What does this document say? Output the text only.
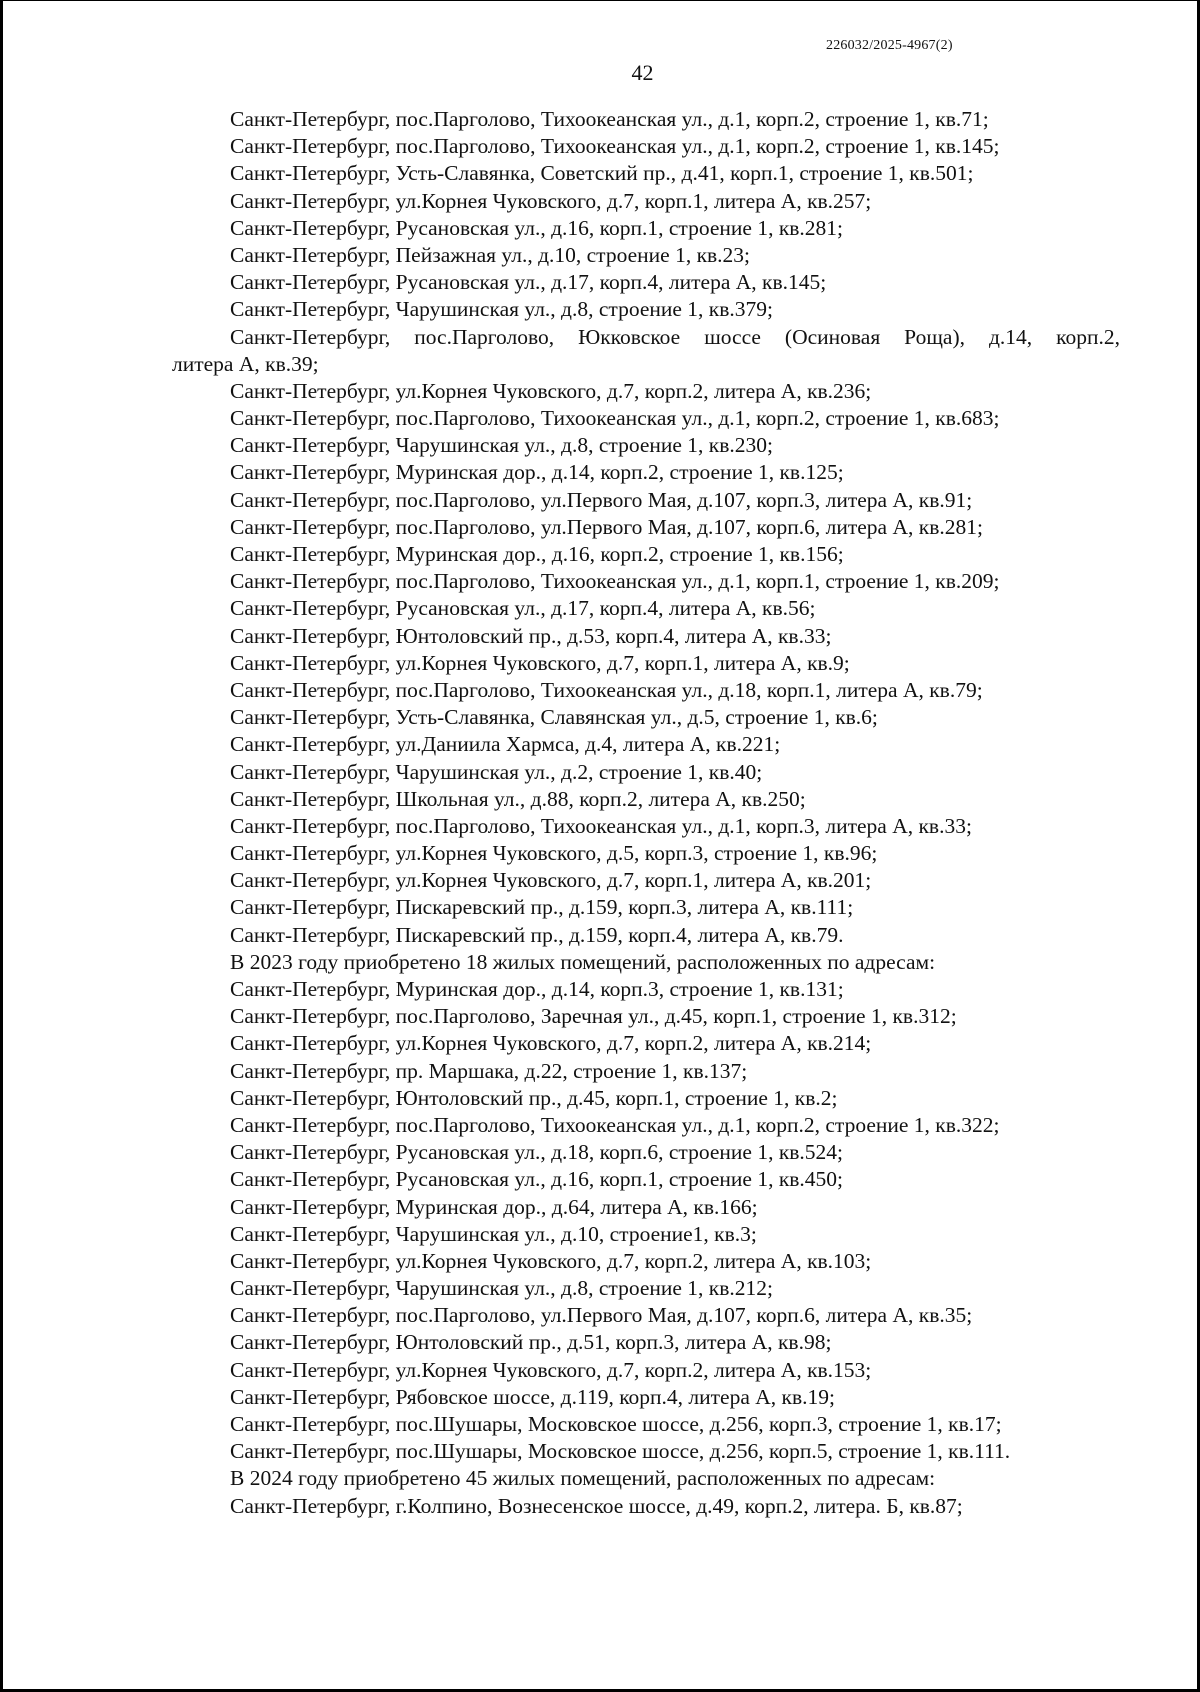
226032/2025-4967(2)
42
Санкт-Петербург, пос.Парголово, Тихоокеанская ул., д.1, корп.2, строение 1, кв.71;
Санкт-Петербург, пос.Парголово, Тихоокеанская ул., д.1, корп.2, строение 1, кв.145;
Санкт-Петербург, Усть-Славянка, Советский пр., д.41, корп.1, строение 1, кв.501;
Санкт-Петербург, ул.Корнея Чуковского, д.7, корп.1, литера А, кв.257;
Санкт-Петербург, Русановская ул., д.16, корп.1, строение 1, кв.281;
Санкт-Петербург, Пейзажная ул., д.10, строение 1, кв.23;
Санкт-Петербург, Русановская ул., д.17, корп.4, литера А, кв.145;
Санкт-Петербург, Чарушинская ул., д.8, строение 1, кв.379;
Санкт-Петербург, пос.Парголово, Юкковское шоссе (Осиновая Роща), д.14, корп.2,
литера А, кв.39;
Санкт-Петербург, ул.Корнея Чуковского, д.7, корп.2, литера А, кв.236;
Санкт-Петербург, пос.Парголово, Тихоокеанская ул., д.1, корп.2, строение 1, кв.683;
Санкт-Петербург, Чарушинская ул., д.8, строение 1, кв.230;
Санкт-Петербург, Муринская дор., д.14, корп.2, строение 1, кв.125;
Санкт-Петербург, пос.Парголово, ул.Первого Мая, д.107, корп.3, литера А, кв.91;
Санкт-Петербург, пос.Парголово, ул.Первого Мая, д.107, корп.6, литера А, кв.281;
Санкт-Петербург, Муринская дор., д.16, корп.2, строение 1, кв.156;
Санкт-Петербург, пос.Парголово, Тихоокеанская ул., д.1, корп.1, строение 1, кв.209;
Санкт-Петербург, Русановская ул., д.17, корп.4, литера А, кв.56;
Санкт-Петербург, Юнтоловский пр., д.53, корп.4, литера А, кв.33;
Санкт-Петербург, ул.Корнея Чуковского, д.7, корп.1, литера А, кв.9;
Санкт-Петербург, пос.Парголово, Тихоокеанская ул., д.18, корп.1, литера А, кв.79;
Санкт-Петербург, Усть-Славянка, Славянская ул., д.5, строение 1, кв.6;
Санкт-Петербург, ул.Даниила Хармса, д.4, литера А, кв.221;
Санкт-Петербург, Чарушинская ул., д.2, строение 1, кв.40;
Санкт-Петербург, Школьная ул., д.88, корп.2, литера А, кв.250;
Санкт-Петербург, пос.Парголово, Тихоокеанская ул., д.1, корп.3, литера А, кв.33;
Санкт-Петербург, ул.Корнея Чуковского, д.5, корп.3, строение 1, кв.96;
Санкт-Петербург, ул.Корнея Чуковского, д.7, корп.1, литера А, кв.201;
Санкт-Петербург, Пискаревский пр., д.159, корп.3, литера А, кв.111;
Санкт-Петербург, Пискаревский пр., д.159, корп.4, литера А, кв.79.
В 2023 году приобретено 18 жилых помещений, расположенных по адресам:
Санкт-Петербург, Муринская дор., д.14, корп.3, строение 1, кв.131;
Санкт-Петербург, пос.Парголово, Заречная ул., д.45, корп.1, строение 1, кв.312;
Санкт-Петербург, ул.Корнея Чуковского, д.7, корп.2, литера А, кв.214;
Санкт-Петербург, пр. Маршака, д.22, строение 1, кв.137;
Санкт-Петербург, Юнтоловский пр., д.45, корп.1, строение 1, кв.2;
Санкт-Петербург, пос.Парголово, Тихоокеанская ул., д.1, корп.2, строение 1, кв.322;
Санкт-Петербург, Русановская ул., д.18, корп.6, строение 1, кв.524;
Санкт-Петербург, Русановская ул., д.16, корп.1, строение 1, кв.450;
Санкт-Петербург, Муринская дор., д.64, литера А, кв.166;
Санкт-Петербург, Чарушинская ул., д.10, строение1, кв.3;
Санкт-Петербург, ул.Корнея Чуковского, д.7, корп.2, литера А, кв.103;
Санкт-Петербург, Чарушинская ул., д.8, строение 1, кв.212;
Санкт-Петербург, пос.Парголово, ул.Первого Мая, д.107, корп.6, литера А, кв.35;
Санкт-Петербург, Юнтоловский пр., д.51, корп.3, литера А, кв.98;
Санкт-Петербург, ул.Корнея Чуковского, д.7, корп.2, литера А, кв.153;
Санкт-Петербург, Рябовское шоссе, д.119, корп.4, литера А, кв.19;
Санкт-Петербург, пос.Шушары, Московское шоссе, д.256, корп.3, строение 1, кв.17;
Санкт-Петербург, пос.Шушары, Московское шоссе, д.256, корп.5, строение 1, кв.111.
В 2024 году приобретено 45 жилых помещений, расположенных по адресам:
Санкт-Петербург, г.Колпино, Вознесенское шоссе, д.49, корп.2, литера. Б, кв.87;
